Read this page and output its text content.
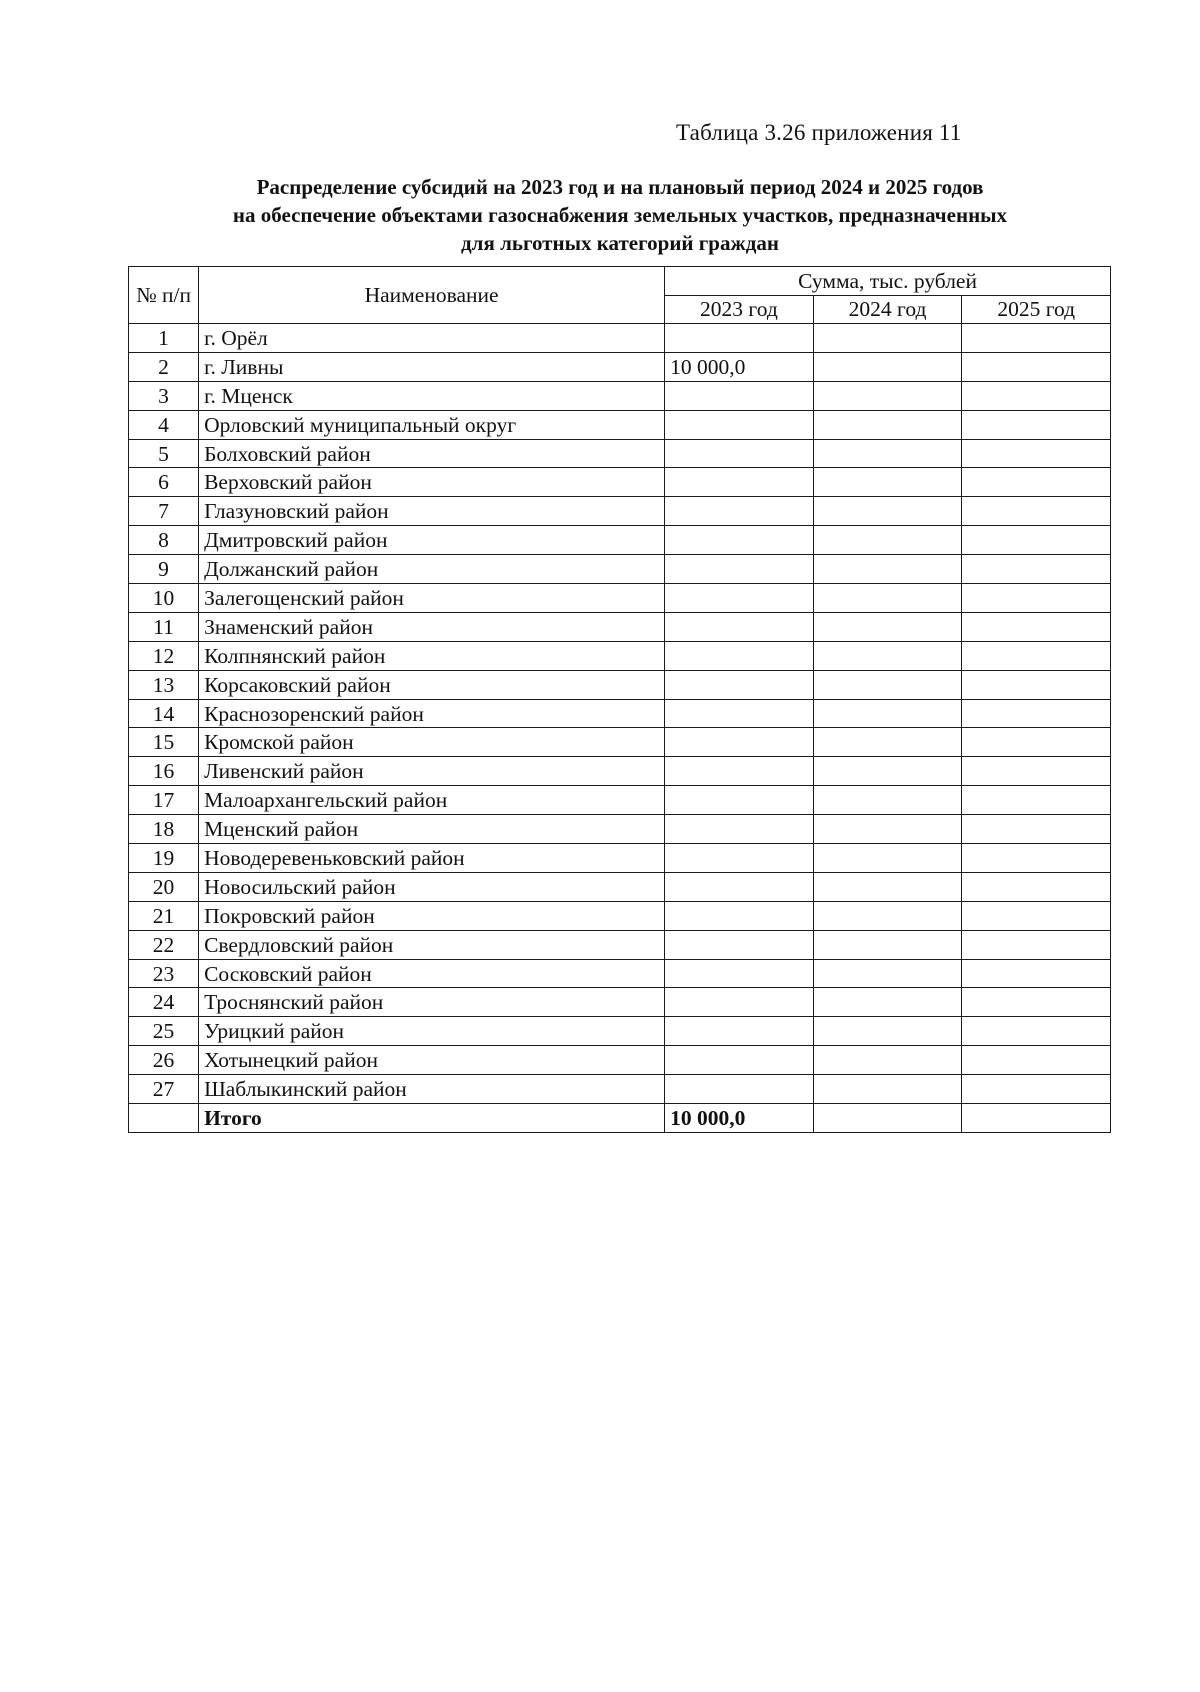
Таблица 3.26 приложения 11
Распределение субсидий на 2023 год и на плановый период 2024 и 2025 годов
на обеспечение объектами газоснабжения земельных участков, предназначенных
для льготных категорий граждан
№ п/п	Наименование	Сумма, тыс. рублей		
		2023 год	2024 год	2025 год
1	г. Орёл			
2	г. Ливны	10 000,0		
3	г. Мценск			
4	Орловский муниципальный округ			
5	Болховский район			
6	Верховский район			
7	Глазуновский район			
8	Дмитровский район			
9	Должанский район			
10	Залегощенский район			
11	Знаменский район			
12	Колпнянский район			
13	Корсаковский район			
14	Краснозоренский район			
15	Кромской район			
16	Ливенский район			
17	Малоархангельский район			
18	Мценский район			
19	Новодеревеньковский район			
20	Новосильский район			
21	Покровский район			
22	Свердловский район			
23	Сосковский район			
24	Троснянский район			
25	Урицкий район			
26	Хотынецкий район			
27	Шаблыкинский район			
	Итого	10 000,0		
